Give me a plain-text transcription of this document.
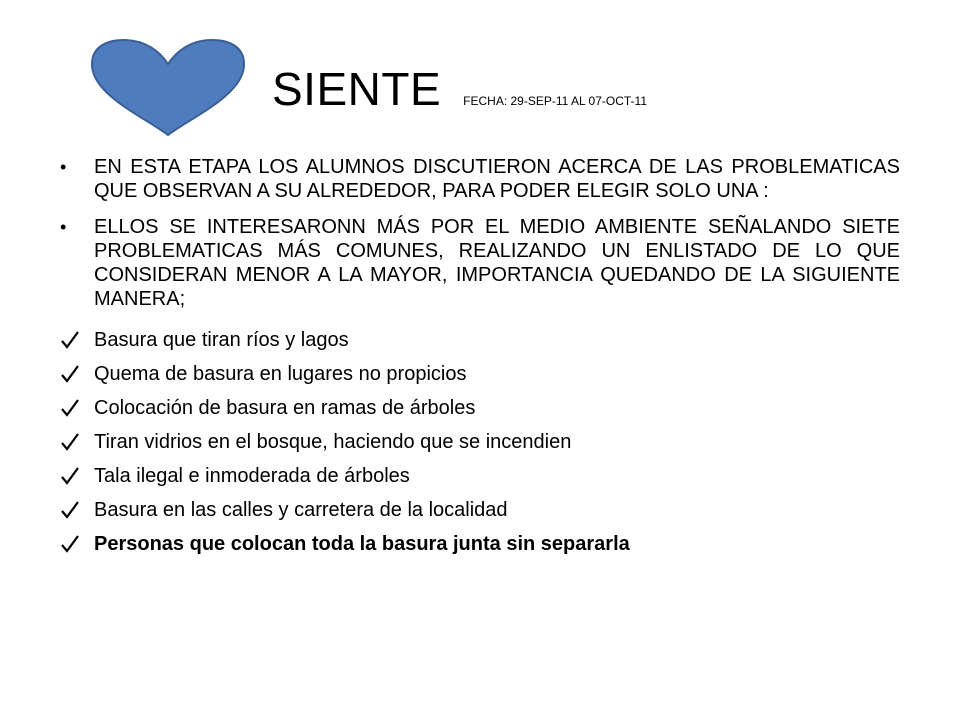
SIENTE FECHA: 29-SEP-11 AL 07-OCT-11
• EN ESTA ETAPA LOS ALUMNOS DISCUTIERON ACERCA DE LAS PROBLEMATICAS QUE OBSERVAN A SU ALREDEDOR, PARA PODER ELEGIR SOLO UNA :
• ELLOS SE INTERESARONN MÁS POR EL MEDIO AMBIENTE SEÑALANDO SIETE PROBLEMATICAS MÁS COMUNES, REALIZANDO UN ENLISTADO DE LO QUE CONSIDERAN MENOR A LA MAYOR, IMPORTANCIA QUEDANDO DE LA SIGUIENTE MANERA;
Basura que tiran ríos y lagos
Quema de basura en lugares no propicios
Colocación de basura en ramas de árboles
Tiran vidrios en el bosque, haciendo que se incendien
Tala ilegal e inmoderada de árboles
Basura en las calles y carretera de la localidad
Personas que colocan toda la basura junta sin separarla
